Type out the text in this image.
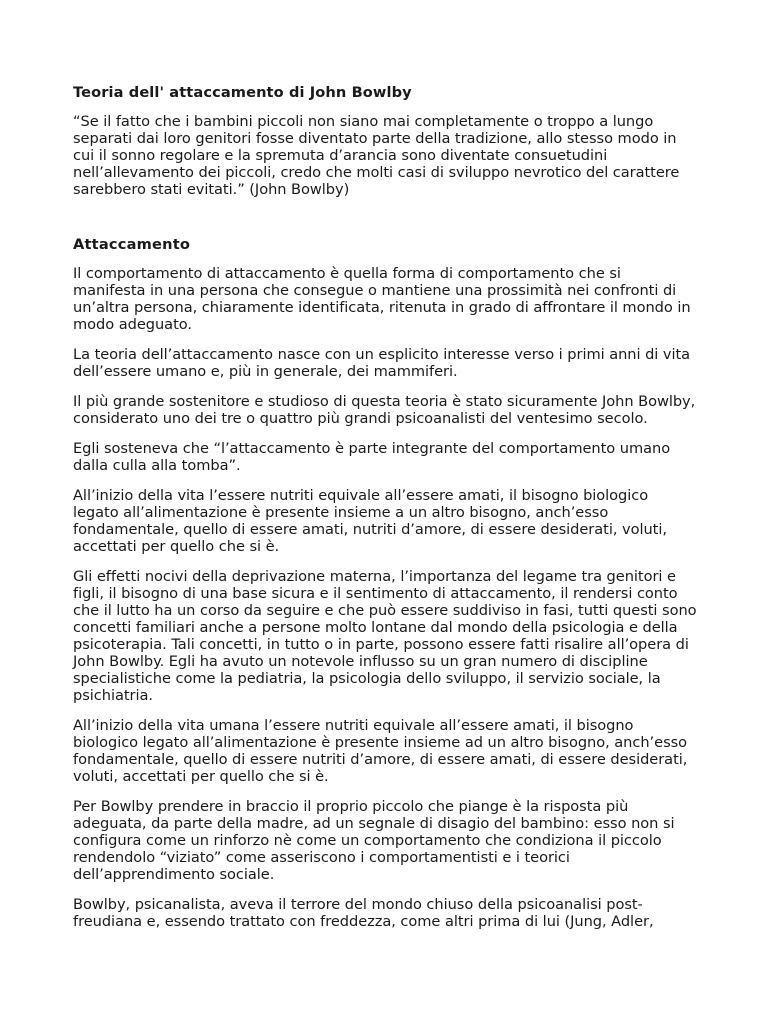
Teoria dell' attaccamento di John Bowlby
“Se il fatto che i bambini piccoli non siano mai completamente o troppo a lungo separati dai loro genitori fosse diventato parte della tradizione, allo stesso modo in cui il sonno regolare e la spremuta d’arancia sono diventate consuetudini nell’allevamento dei piccoli, credo che molti casi di sviluppo nevrotico del carattere sarebbero stati evitati.” (John Bowlby)
Attaccamento
Il comportamento di attaccamento è quella forma di comportamento che si manifesta in una persona che consegue o mantiene una prossimità nei confronti di un’altra persona, chiaramente identificata, ritenuta in grado di affrontare il mondo in modo adeguato.
La teoria dell’attaccamento nasce con un esplicito interesse verso i primi anni di vita dell’essere umano e, più in generale, dei mammiferi.
Il più grande sostenitore e studioso di questa teoria è stato sicuramente John Bowlby, considerato uno dei tre o quattro più grandi psicoanalisti del ventesimo secolo.
Egli sosteneva che “l’attaccamento è parte integrante del comportamento umano dalla culla alla tomba”.
All’inizio della vita l’essere nutriti equivale all’essere amati, il bisogno biologico legato all’alimentazione è presente insieme a un altro bisogno, anch’esso fondamentale, quello di essere amati, nutriti d’amore, di essere desiderati, voluti, accettati per quello che si è.
Gli effetti nocivi della deprivazione materna, l’importanza del legame tra genitori e figli, il bisogno di una base sicura e il sentimento di attaccamento, il rendersi conto che il lutto ha un corso da seguire e che può essere suddiviso in fasi, tutti questi sono concetti familiari anche a persone molto lontane dal mondo della psicologia e della psicoterapia. Tali concetti, in tutto o in parte, possono essere fatti risalire all’opera di John Bowlby. Egli ha avuto un notevole influsso su un gran numero di discipline specialistiche come la pediatria, la psicologia dello sviluppo, il servizio sociale, la psichiatria.
All’inizio della vita umana l’essere nutriti equivale all’essere amati, il bisogno biologico legato all’alimentazione è presente insieme ad un altro bisogno, anch’esso fondamentale, quello di essere nutriti d’amore, di essere amati, di essere desiderati, voluti, accettati per quello che si è.
Per Bowlby prendere in braccio il proprio piccolo che piange è la risposta più adeguata, da parte della madre, ad un segnale di disagio del bambino: esso non si configura come un rinforzo nè come un comportamento che condiziona il piccolo rendendolo “viziato” come asseriscono i comportamentisti e i teorici dell’apprendimento sociale.
Bowlby, psicanalista, aveva il terrore del mondo chiuso della psicoanalisi post-freudiana e, essendo trattato con freddezza, come altri prima di lui (Jung, Adler,
